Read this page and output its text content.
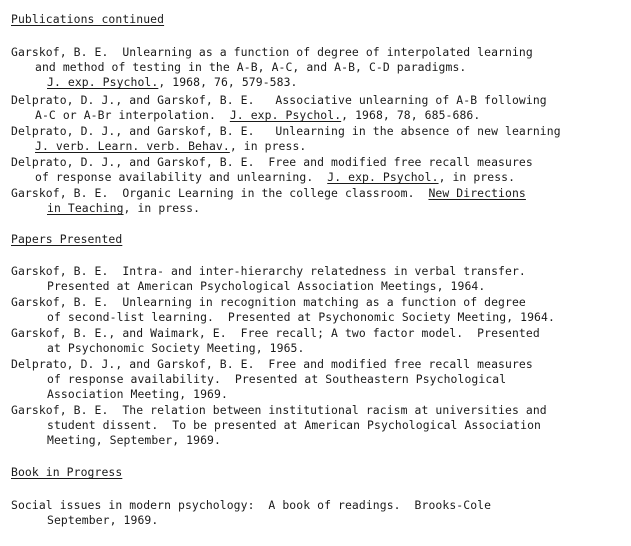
Publications continued
Garskof, B. E.  Unlearning as a function of degree of interpolated learning
and method of testing in the A-B, A-C, and A-B, C-D paradigms.
J. exp. Psychol., 1968, 76, 579-583.
Delprato, D. J., and Garskof, B. E.   Associative unlearning of A-B following
A-C or A-Br interpolation.  J. exp. Psychol., 1968, 78, 685-686.
Delprato, D. J., and Garskof, B. E.   Unlearning in the absence of new learning
J. verb. Learn. verb. Behav., in press.
Delprato, D. J., and Garskof, B. E.  Free and modified free recall measures
of response availability and unlearning.  J. exp. Psychol., in press.
Garskof, B. E.  Organic Learning in the college classroom.  New Directions
in Teaching, in press.
Papers Presented
Garskof, B. E.  Intra- and inter-hierarchy relatedness in verbal transfer.
Presented at American Psychological Association Meetings, 1964.
Garskof, B. E.  Unlearning in recognition matching as a function of degree
of second-list learning.  Presented at Psychonomic Society Meeting, 1964.
Garskof, B. E., and Waimark, E.  Free recall; A two factor model.  Presented
at Psychonomic Society Meeting, 1965.
Delprato, D. J., and Garskof, B. E.  Free and modified free recall measures
of response availability.  Presented at Southeastern Psychological
Association Meeting, 1969.
Garskof, B. E.  The relation between institutional racism at universities and
student dissent.  To be presented at American Psychological Association
Meeting, September, 1969.
Book in Progress
Social issues in modern psychology:  A book of readings.  Brooks-Cole
September, 1969.
